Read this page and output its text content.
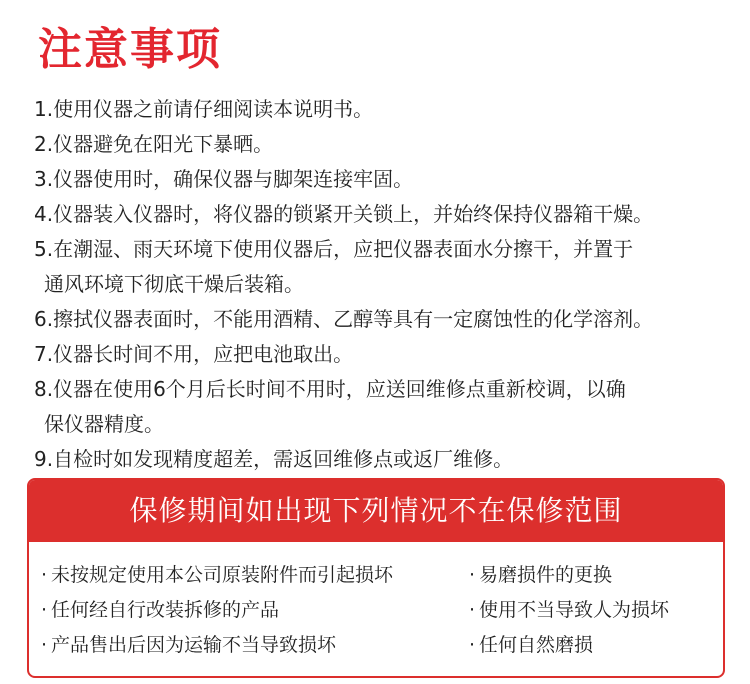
注意事项
1.使用仪器之前请仔细阅读本说明书。
2.仪器避免在阳光下暴晒。
3.仪器使用时，确保仪器与脚架连接牢固。
4.仪器装入仪器时，将仪器的锁紧开关锁上，并始终保持仪器箱干燥。
5.在潮湿、雨天环境下使用仪器后，应把仪器表面水分擦干，并置于
通风环境下彻底干燥后装箱。
6.擦拭仪器表面时，不能用酒精、乙醇等具有一定腐蚀性的化学溶剂。
7.仪器长时间不用，应把电池取出。
8.仪器在使用6个月后长时间不用时，应送回维修点重新校调，以确
保仪器精度。
9.自检时如发现精度超差，需返回维修点或返厂维修。
保修期间如出现下列情况不在保修范围
· 未按规定使用本公司原装附件而引起损坏
· 任何经自行改装拆修的产品
· 产品售出后因为运输不当导致损坏
· 易磨损件的更换
· 使用不当导致人为损坏
· 任何自然磨损
